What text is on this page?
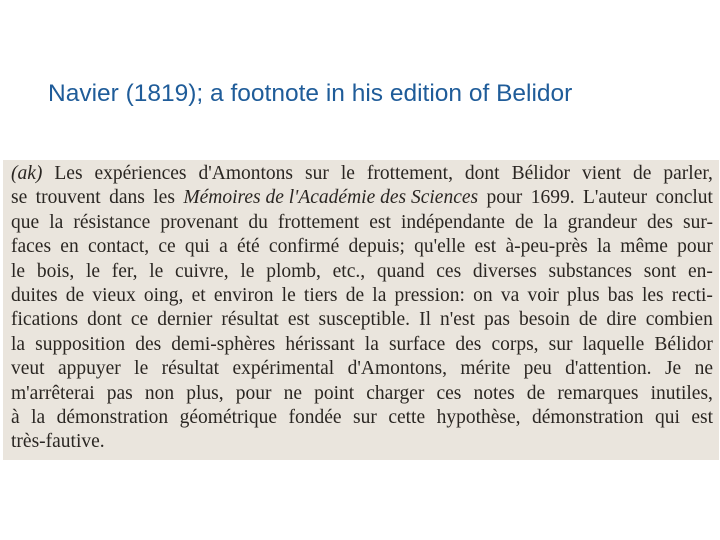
Navier (1819); a footnote in his edition of Belidor
(ak) Les expériences d'Amontons sur le frottement, dont Bélidor vient de parler,
se trouvent dans les Mémoires de l'Académie des Sciences pour 1699. L'auteur conclut
que la résistance provenant du frottement est indépendante de la grandeur des sur-
faces en contact, ce qui a été confirmé depuis; qu'elle est à-peu-près la même pour
le bois, le fer, le cuivre, le plomb, etc., quand ces diverses substances sont en-
duites de vieux oing, et environ le tiers de la pression: on va voir plus bas les recti-
fications dont ce dernier résultat est susceptible. Il n'est pas besoin de dire combien
la supposition des demi-sphères hérissant la surface des corps, sur laquelle Bélidor
veut appuyer le résultat expérimental d'Amontons, mérite peu d'attention. Je ne
m'arrêterai pas non plus, pour ne point charger ces notes de remarques inutiles,
à la démonstration géométrique fondée sur cette hypothèse, démonstration qui est
très-fautive.
